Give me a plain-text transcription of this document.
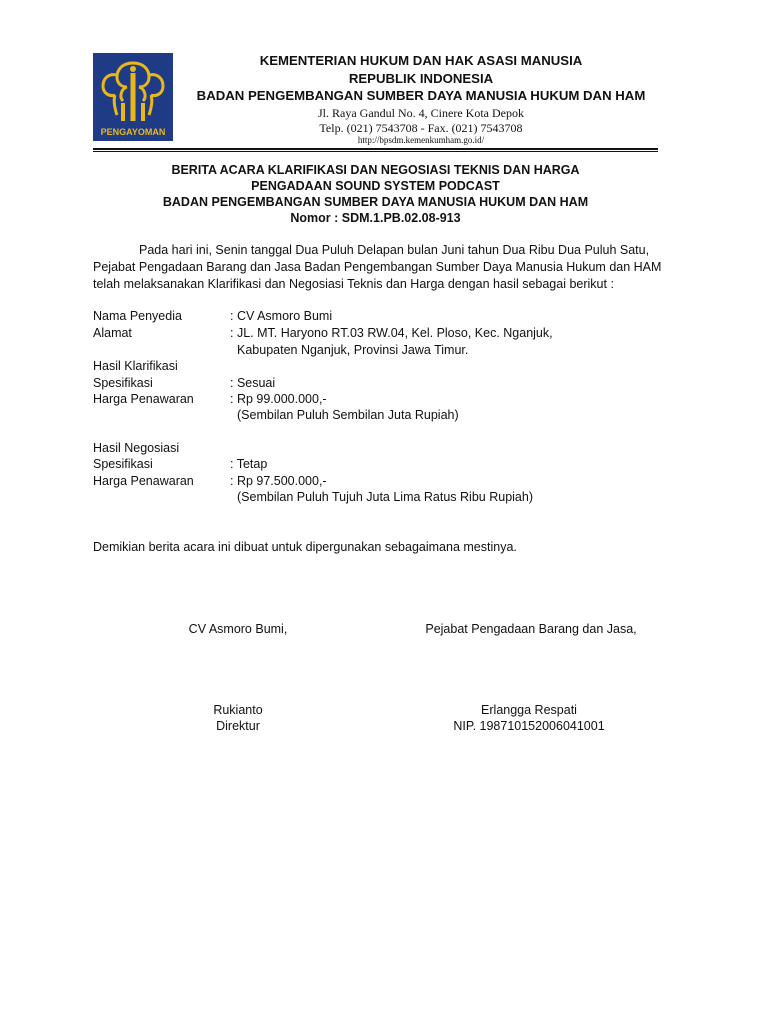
PENGAYOMAN
KEMENTERIAN HUKUM DAN HAK ASASI MANUSIA
REPUBLIK INDONESIA
BADAN PENGEMBANGAN SUMBER DAYA MANUSIA HUKUM DAN HAM
Jl. Raya Gandul No. 4, Cinere Kota Depok
Telp. (021) 7543708 - Fax. (021) 7543708
http://bpsdm.kemenkumham.go.id/
BERITA ACARA KLARIFIKASI DAN NEGOSIASI TEKNIS DAN HARGA
PENGADAAN SOUND SYSTEM PODCAST
BADAN PENGEMBANGAN SUMBER DAYA MANUSIA HUKUM DAN HAM
Nomor : SDM.1.PB.02.08-913
Pada hari ini, Senin tanggal Dua Puluh Delapan bulan Juni tahun Dua Ribu Dua Puluh Satu,
Pejabat Pengadaan Barang dan Jasa Badan Pengembangan Sumber Daya Manusia Hukum dan HAM
telah melaksanakan Klarifikasi dan Negosiasi Teknis dan Harga dengan hasil sebagai berikut :
Nama Penyedia	: CV Asmoro Bumi
Alamat	: JL. MT. Haryono RT.03 RW.04, Kel. Ploso, Kec. Nganjuk,
Kabupaten Nganjuk, Provinsi Jawa Timur.
Hasil Klarifikasi
Spesifikasi	: Sesuai
Harga Penawaran	: Rp 99.000.000,-
(Sembilan Puluh Sembilan Juta Rupiah)
Hasil Negosiasi
Spesifikasi	: Tetap
Harga Penawaran	: Rp 97.500.000,-
(Sembilan Puluh Tujuh Juta Lima Ratus Ribu Rupiah)
Demikian berita acara ini dibuat untuk dipergunakan sebagaimana mestinya.
CV Asmoro Bumi,	Pejabat Pengadaan Barang dan Jasa,
Rukianto
Direktur
Erlangga Respati
NIP. 198710152006041001
